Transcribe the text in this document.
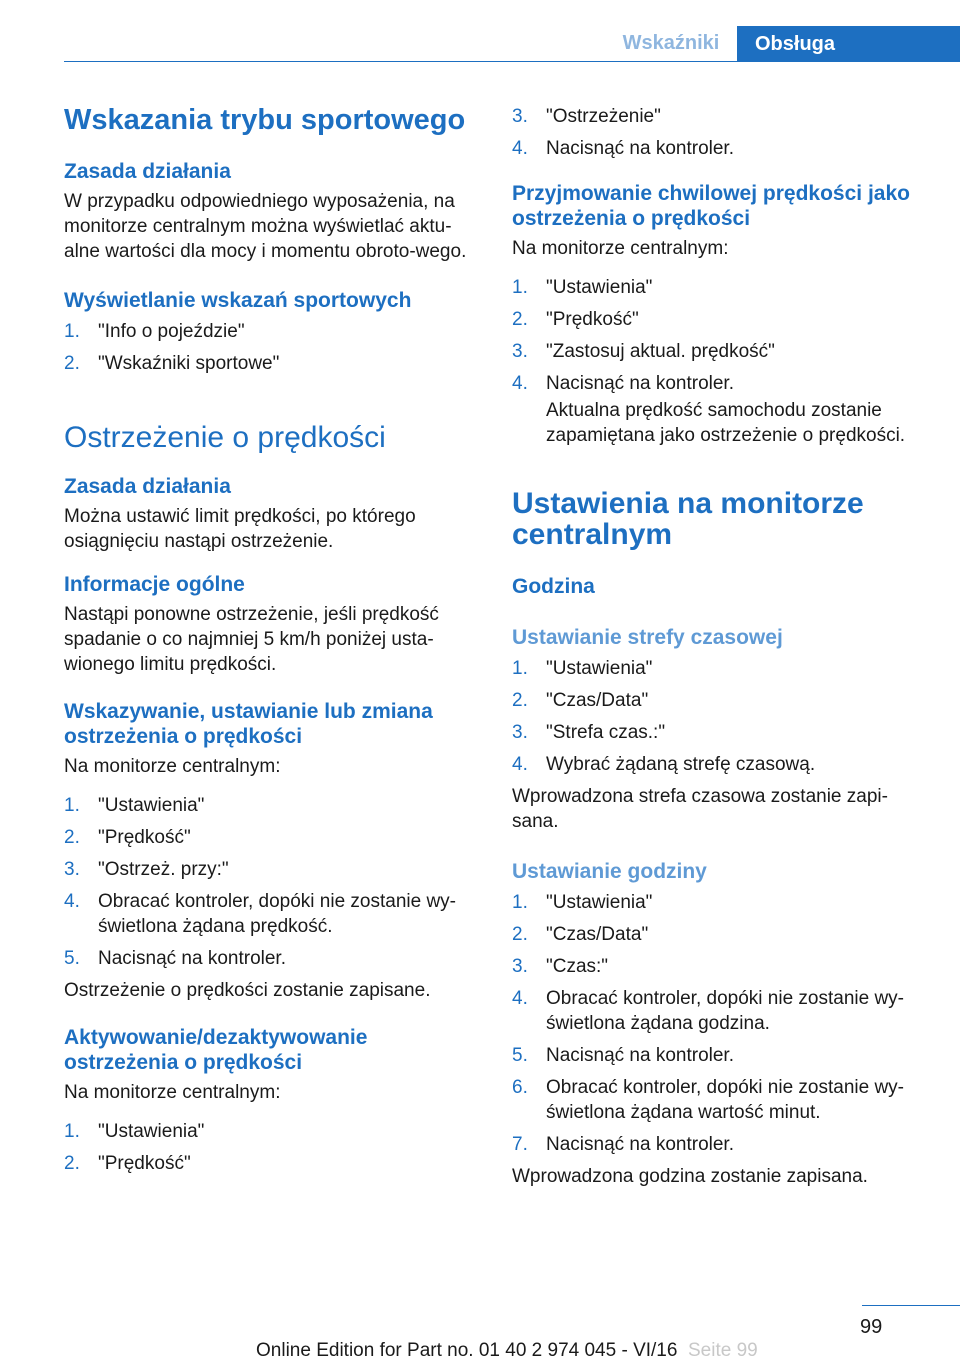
Wskaźniki	Obsługa
Wskazania trybu sportowego
Zasada działania

W przypadku odpowiedniego wyposażenia, na monitorze centralnym można wyświetlać aktu-alne wartości dla mocy i momentu obroto-wego.

Wyświetlanie wskazań sportowych
1. "Info o pojeździe"
2. "Wskaźniki sportowe"
Ostrzeżenie o prędkości
Zasada działania

Można ustawić limit prędkości, po którego osiągnięciu nastąpi ostrzeżenie.

Informacje ogólne

Nastąpi ponowne ostrzeżenie, jeśli prędkość spadanie o co najmniej 5 km/h poniżej usta-wionego limitu prędkości.

Wskazywanie, ustawianie lub zmiana ostrzeżenia o prędkości

Na monitorze centralnym:

1. "Ustawienia"
2. "Prędkość"
3. "Ostrzeż. przy:"
4. Obracać kontroler, dopóki nie zostanie wy-świetlona żądana prędkość.
5. Nacisnąć na kontroler.

Ostrzeżenie o prędkości zostanie zapisane.

Aktywowanie/dezaktywowanie ostrzeżenia o prędkości

Na monitorze centralnym:

1. "Ustawienia"
2. "Prędkość"
3. "Ostrzeżenie"
4. Nacisnąć na kontroler.
Przyjmowanie chwilowej prędkości jako ostrzeżenia o prędkości

Na monitorze centralnym:

1. "Ustawienia"
2. "Prędkość"
3. "Zastosuj aktual. prędkość"
4. Nacisnąć na kontroler.
Aktualna prędkość samochodu zostanie zapamiętana jako ostrzeżenie o prędkości.
Ustawienia na monitorze centralnym
Godzina
Ustawianie strefy czasowej
1. "Ustawienia"
2. "Czas/Data"
3. "Strefa czas.:"
4. Wybrać żądaną strefę czasową.

Wprowadzona strefa czasowa zostanie zapi-sana.

Ustawianie godziny
1. "Ustawienia"
2. "Czas/Data"
3. "Czas:"
4. Obracać kontroler, dopóki nie zostanie wy-świetlona żądana godzina.
5. Nacisnąć na kontroler.
6. Obracać kontroler, dopóki nie zostanie wy-świetlona żądana wartość minut.
7. Nacisnąć na kontroler.

Wprowadzona godzina zostanie zapisana.

99
Seite 99
Online Edition for Part no. 01 40 2 974 045 - VI/16
